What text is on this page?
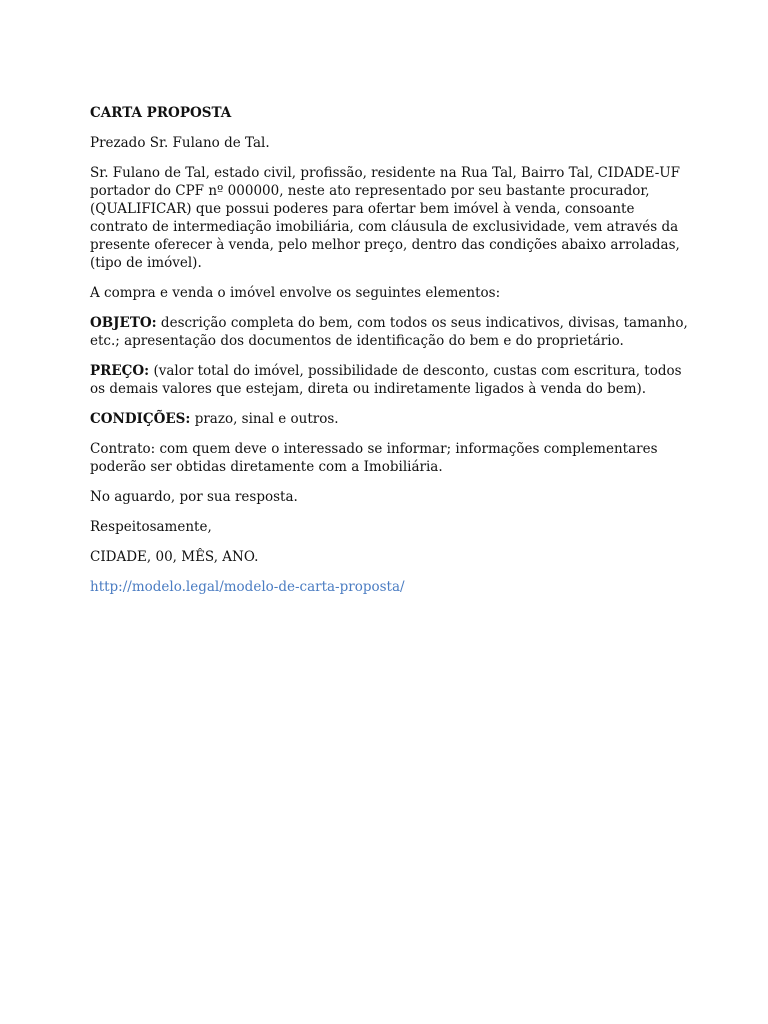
CARTA PROPOSTA

Prezado Sr. Fulano de Tal.

Sr. Fulano de Tal, estado civil, profissão, residente na Rua Tal, Bairro Tal, CIDADE-UF portador do CPF nº 000000, neste ato representado por seu bastante procurador, (QUALIFICAR) que possui poderes para ofertar bem imóvel à venda, consoante contrato de intermediação imobiliária, com cláusula de exclusividade, vem através da presente oferecer à venda, pelo melhor preço, dentro das condições abaixo arroladas, (tipo de imóvel).

A compra e venda o imóvel envolve os seguintes elementos:

OBJETO: descrição completa do bem, com todos os seus indicativos, divisas, tamanho, etc.; apresentação dos documentos de identificação do bem e do proprietário.

PREÇO: (valor total do imóvel, possibilidade de desconto, custas com escritura, todos os demais valores que estejam, direta ou indiretamente ligados à venda do bem).

CONDIÇÕES: prazo, sinal e outros.

Contrato: com quem deve o interessado se informar; informações complementares poderão ser obtidas diretamente com a Imobiliária.

No aguardo, por sua resposta.

Respeitosamente,

CIDADE, 00, MÊS, ANO.

http://modelo.legal/modelo-de-carta-proposta/
